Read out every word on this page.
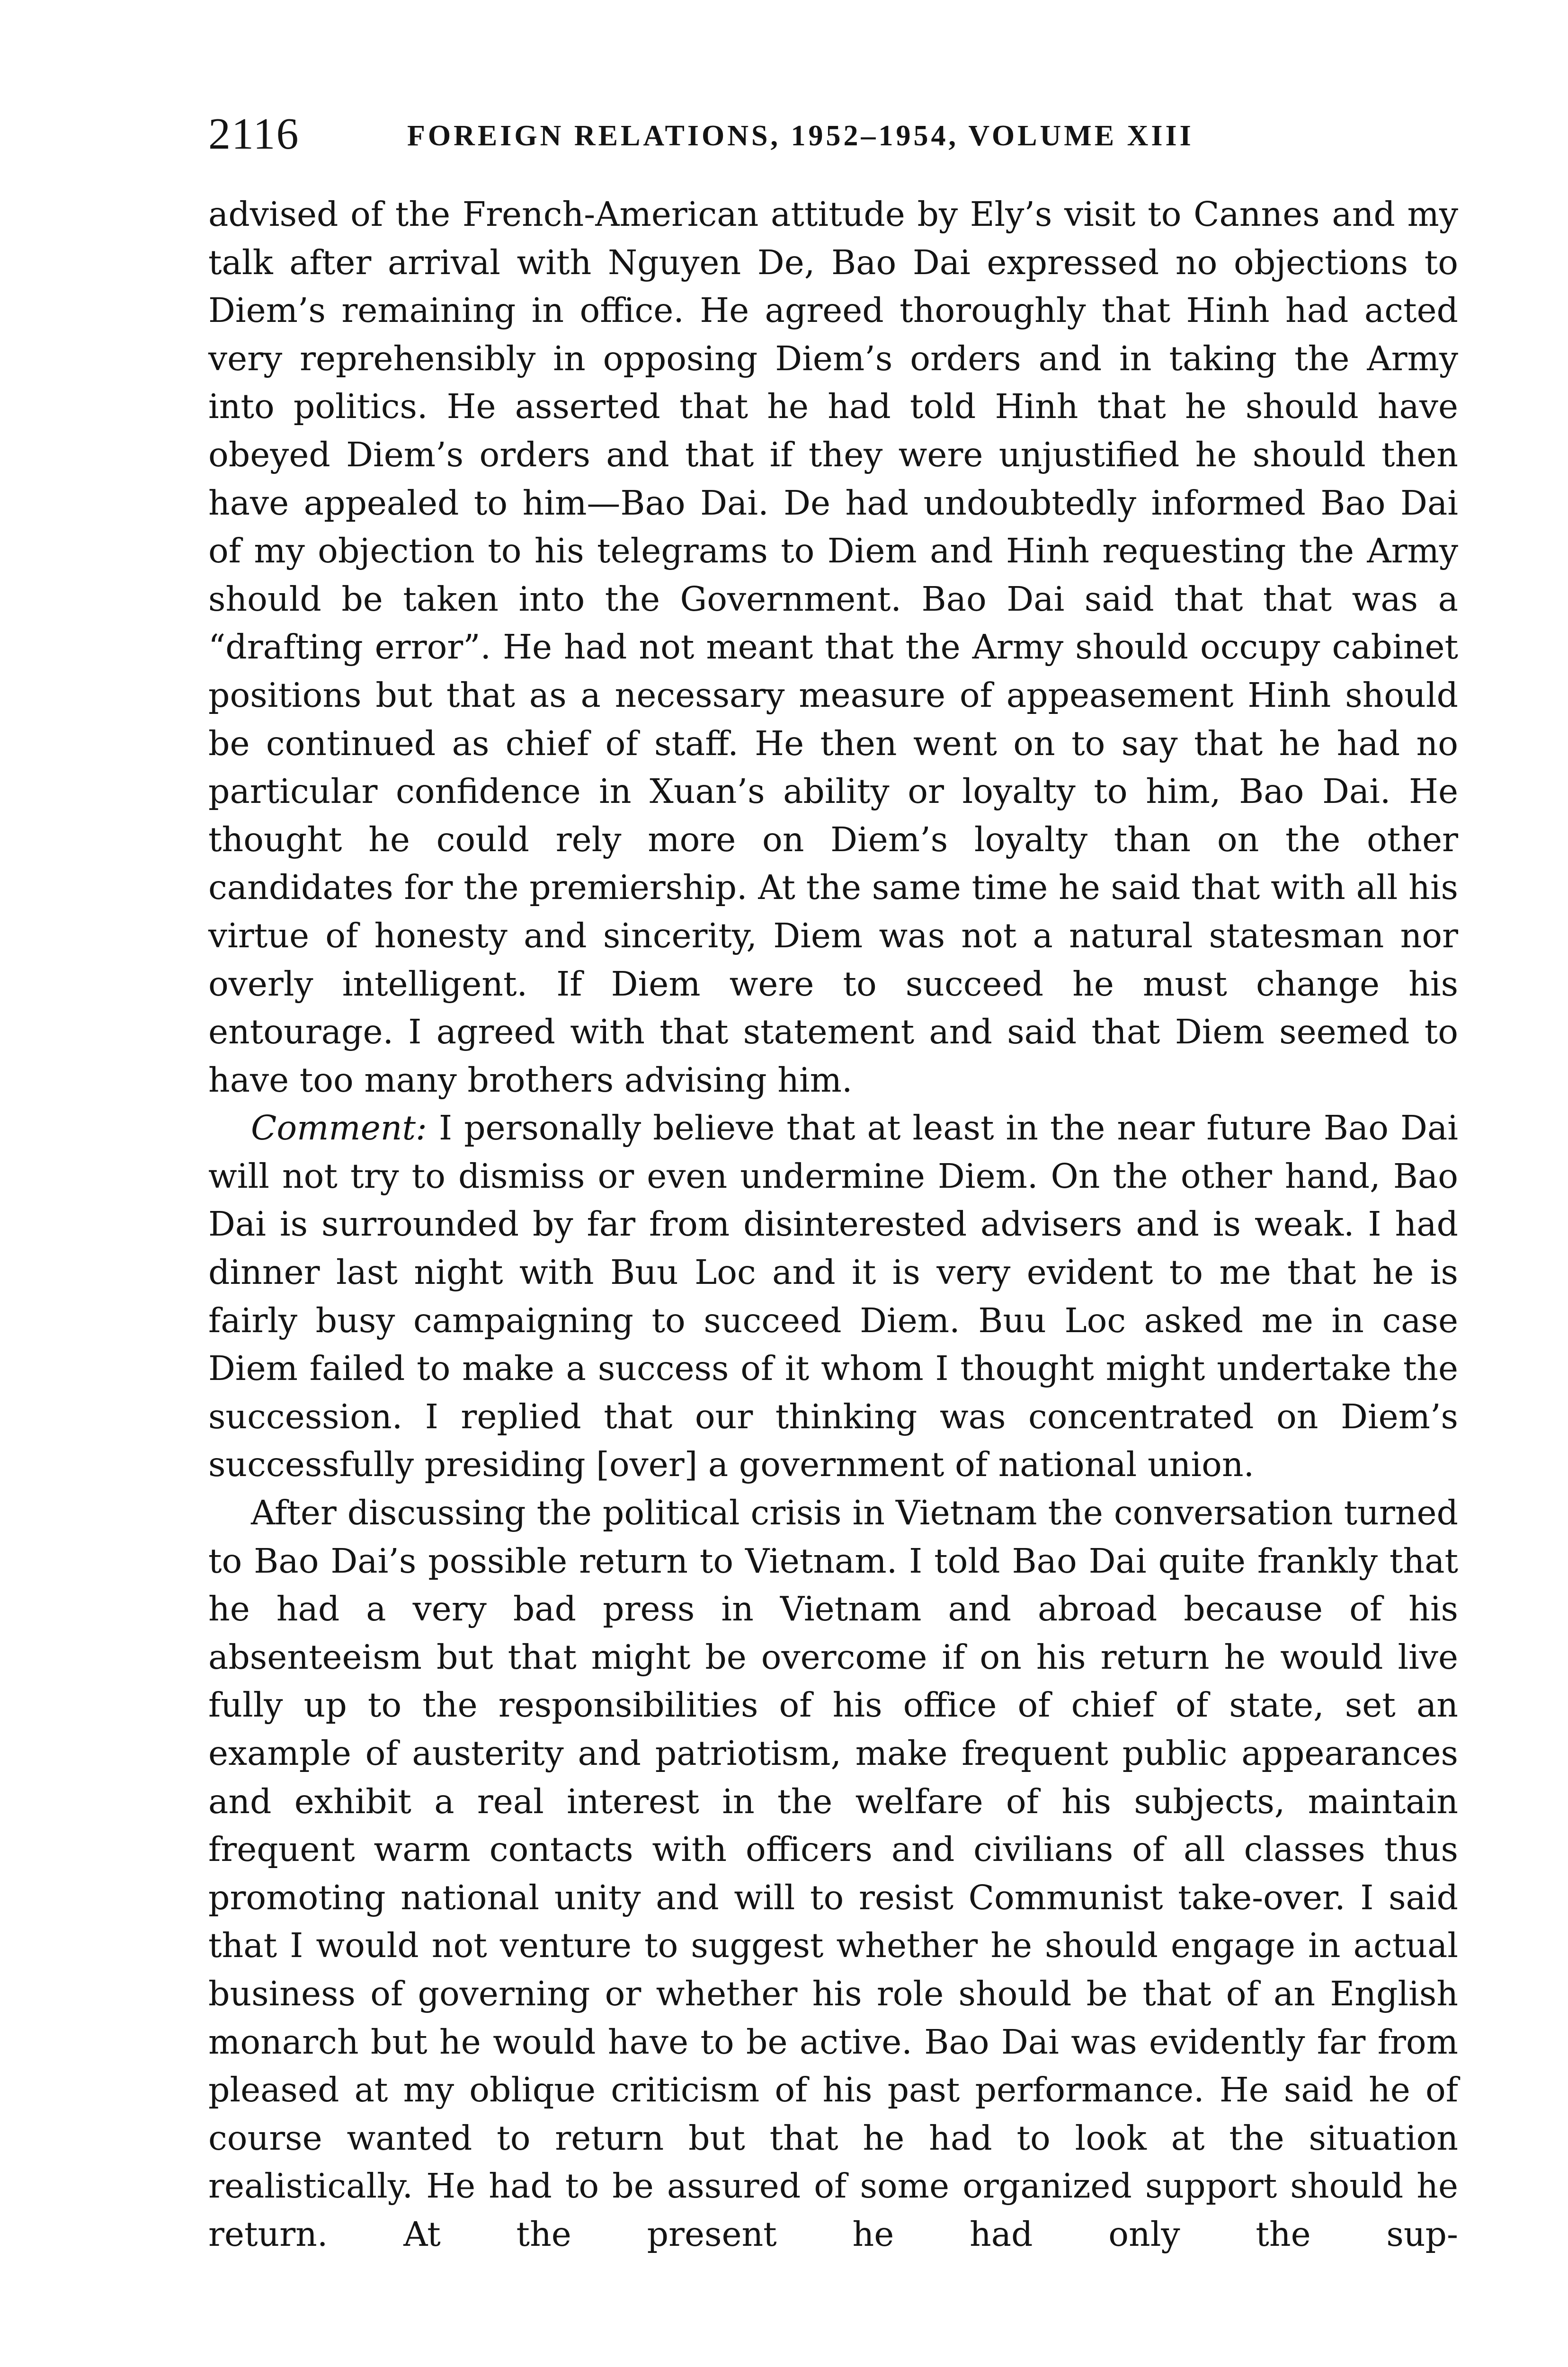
2116	FOREIGN RELATIONS, 1952–1954, VOLUME XIII

advised of the French-American attitude by Ely’s visit to Cannes and my talk after arrival with Nguyen De, Bao Dai expressed no objections to Diem’s remaining in office. He agreed thoroughly that Hinh had acted very reprehensibly in opposing Diem’s orders and in taking the Army into politics. He asserted that he had told Hinh that he should have obeyed Diem’s orders and that if they were unjustified he should then have appealed to him—Bao Dai. De had undoubtedly informed Bao Dai of my objection to his telegrams to Diem and Hinh requesting the Army should be taken into the Government. Bao Dai said that that was a “drafting error”. He had not meant that the Army should occupy cabinet positions but that as a necessary measure of appeasement Hinh should be continued as chief of staff. He then went on to say that he had no particular confidence in Xuan’s ability or loyalty to him, Bao Dai. He thought he could rely more on Diem’s loyalty than on the other candidates for the premiership. At the same time he said that with all his virtue of honesty and sincerity, Diem was not a natural statesman nor overly intelligent. If Diem were to succeed he must change his entourage. I agreed with that statement and said that Diem seemed to have too many brothers advising him.

Comment: I personally believe that at least in the near future Bao Dai will not try to dismiss or even undermine Diem. On the other hand, Bao Dai is surrounded by far from disinterested advisers and is weak. I had dinner last night with Buu Loc and it is very evident to me that he is fairly busy campaigning to succeed Diem. Buu Loc asked me in case Diem failed to make a success of it whom I thought might undertake the succession. I replied that our thinking was concentrated on Diem’s successfully presiding [over] a government of national union.

After discussing the political crisis in Vietnam the conversation turned to Bao Dai’s possible return to Vietnam. I told Bao Dai quite frankly that he had a very bad press in Vietnam and abroad because of his absenteeism but that might be overcome if on his return he would live fully up to the responsibilities of his office of chief of state, set an example of austerity and patriotism, make frequent public appearances and exhibit a real interest in the welfare of his subjects, maintain frequent warm contacts with officers and civilians of all classes thus promoting national unity and will to resist Communist take-over. I said that I would not venture to suggest whether he should engage in actual business of governing or whether his role should be that of an English monarch but he would have to be active. Bao Dai was evidently far from pleased at my oblique criticism of his past performance. He said he of course wanted to return but that he had to look at the situation realistically. He had to be assured of some organized support should he return. At the present he had only the sup-
